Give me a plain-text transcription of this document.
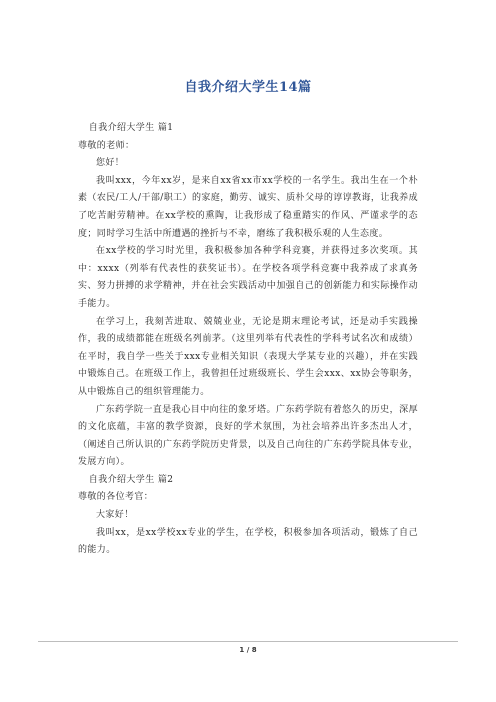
自我介绍大学生14篇

自我介绍大学生 篇1

尊敬的老师：

您好！

我叫xxx，今年xx岁，是来自xx省xx市xx学校的一名学生。我出生在一个朴素（农民/工人/干部/职工）的家庭，勤劳、诚实、质朴父母的谆谆教诲，让我养成了吃苦耐劳精神。在xx学校的熏陶，让我形成了稳重踏实的作风、严谨求学的态度；同时学习生活中所遭遇的挫折与不幸，磨练了我积极乐观的人生态度。

在xx学校的学习时光里，我积极参加各种学科竞赛，并获得过多次奖项。其中：xxxx（列举有代表性的获奖证书）。在学校各项学科竞赛中我养成了求真务实、努力拼搏的求学精神，并在社会实践活动中加强自己的创新能力和实际操作动手能力。

在学习上，我刻苦进取、兢兢业业，无论是期末理论考试，还是动手实践操作，我的成绩都能在班级名列前茅。（这里列举有代表性的学科考试名次和成绩）在平时，我自学一些关于xxx专业相关知识（表现大学某专业的兴趣），并在实践中锻炼自己。在班级工作上，我曾担任过班级班长、学生会xxx、xx协会等职务，从中锻炼自己的组织管理能力。

广东药学院一直是我心目中向往的象牙塔。广东药学院有着悠久的历史，深厚的文化底蕴，丰富的教学资源，良好的学术氛围，为社会培养出许多杰出人才，（阐述自己所认识的广东药学院历史背景，以及自己向往的广东药学院具体专业，发展方向）。

自我介绍大学生 篇2

尊敬的各位考官：

大家好！

我叫xx，是xx学校xx专业的学生，在学校，积极参加各项活动，锻炼了自己的能力。

1 / 8
